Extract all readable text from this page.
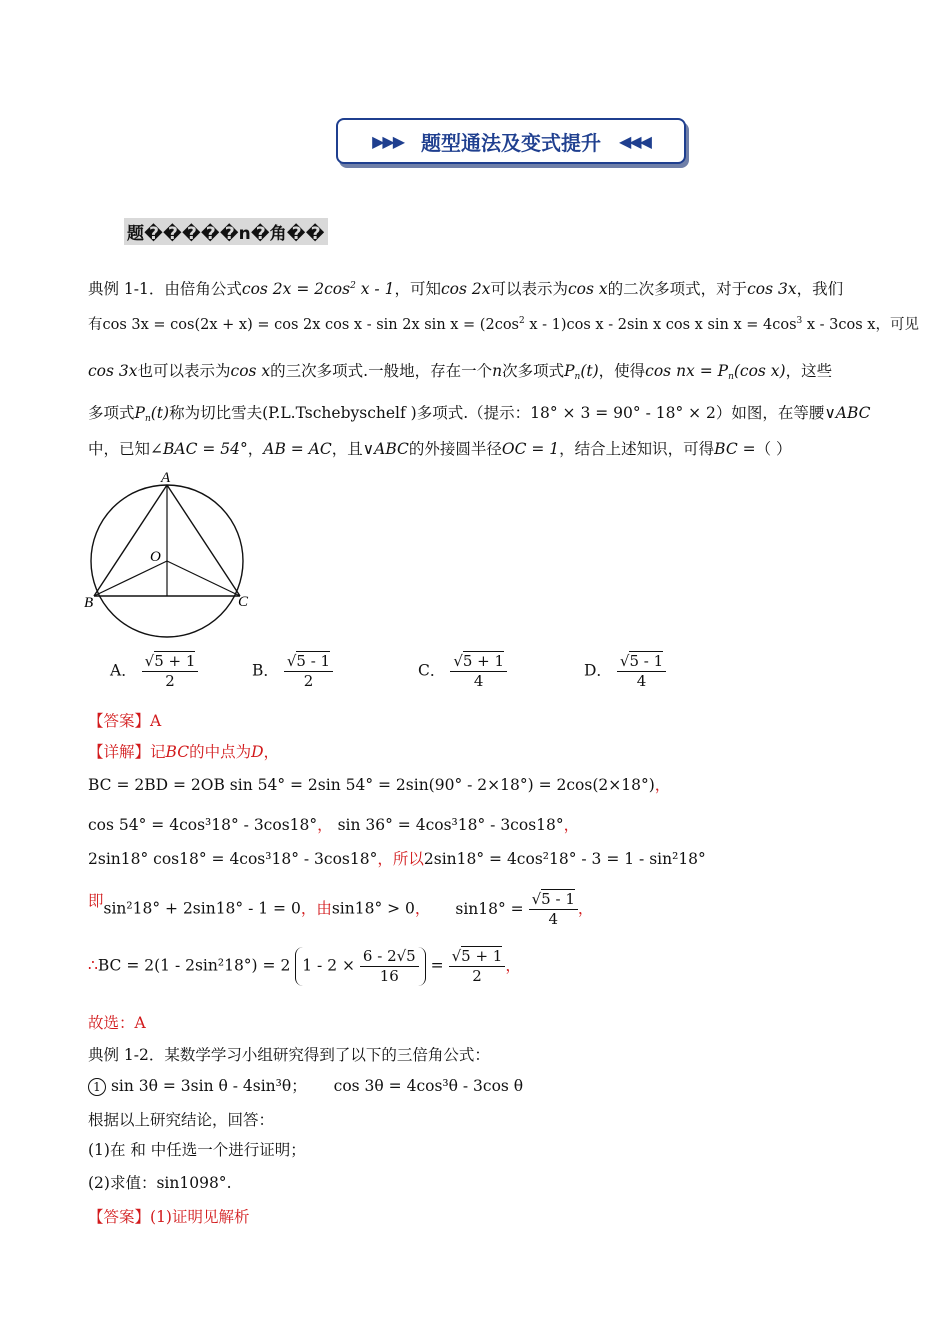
▶▶▶ 题型通法及变式提升 ◀◀◀
题�����n�角��
典例 1-1．由倍角公式$\cos 2x = 2\cos^2$ x - 1，可知cos 2x可以表示为cos x的二次多项式，对于cos 3x，我们
有cos 3x = cos(2x + x) = cos 2x cos x - sin 2x $\sin x = (2\cos^2$ x - 1)cos x - 2sin x cos x $\sin x = 4\cos^3$ x - 3cos x，可见
cos 3x也可以表示为cos x的三次多项式.一般地，存在一个n次多项式$P_n(t)$，使得cos nx = $P_n(\cos$ x)，这些
多项式$P_n(t)$称为切比雪夫(P.L.Tschebyschelf )多项式.（提示：18° × 3 = 90° - 18° × 2）如图，在等腰∨ABC
中，已知∠BAC = 54°，AB = AC，且∨ABC的外接圆半径OC = 1，结合上述知识，可得BC =（ ）
A
O
B	C
A． $\frac{√5 + 1}{2}$	B． $\frac{√5 - 1}{2}$	C． $\frac{√5 + 1}{4}$	D． $\frac{√5 - 1}{4}$
【答案】A
【详解】记BC的中点为D，
BC = 2BD = 2OB sin 54° = 2sin 54° = 2sin(90° - 2×18°) = 2cos(2×18°)，
cos 54° = 4cos³18° - 3cos18°， sin 36° = 4cos³18° - 3cos18°，
2sin18° cos18° = 4cos³18° - 3cos18°，所以2sin18° = 4cos²18° - 3 = 1 - sin²18°
即sin²18° + 2sin18° - 1 = 0，由sin18° > 0， $\sin 18^\circ = \frac{√5 - 1}{4}$ ，
∴BC = 2(1 - 2sin²18°) = 2 $1 - 2 \times \frac{6 - 2√5}{16} = \frac{√5 + 1}{2}$ ，
故选：A
典例 1-2．某数学学习小组研究得到了以下的三倍角公式：
1 sin 3θ = 3sin θ - 4sin³θ； cos 3θ = 4cos³θ - 3cos θ
根据以上研究结论，回答：
(1)在 和 中任选一个进行证明；
(2)求值：sin1098°.
【答案】(1)证明见解析
